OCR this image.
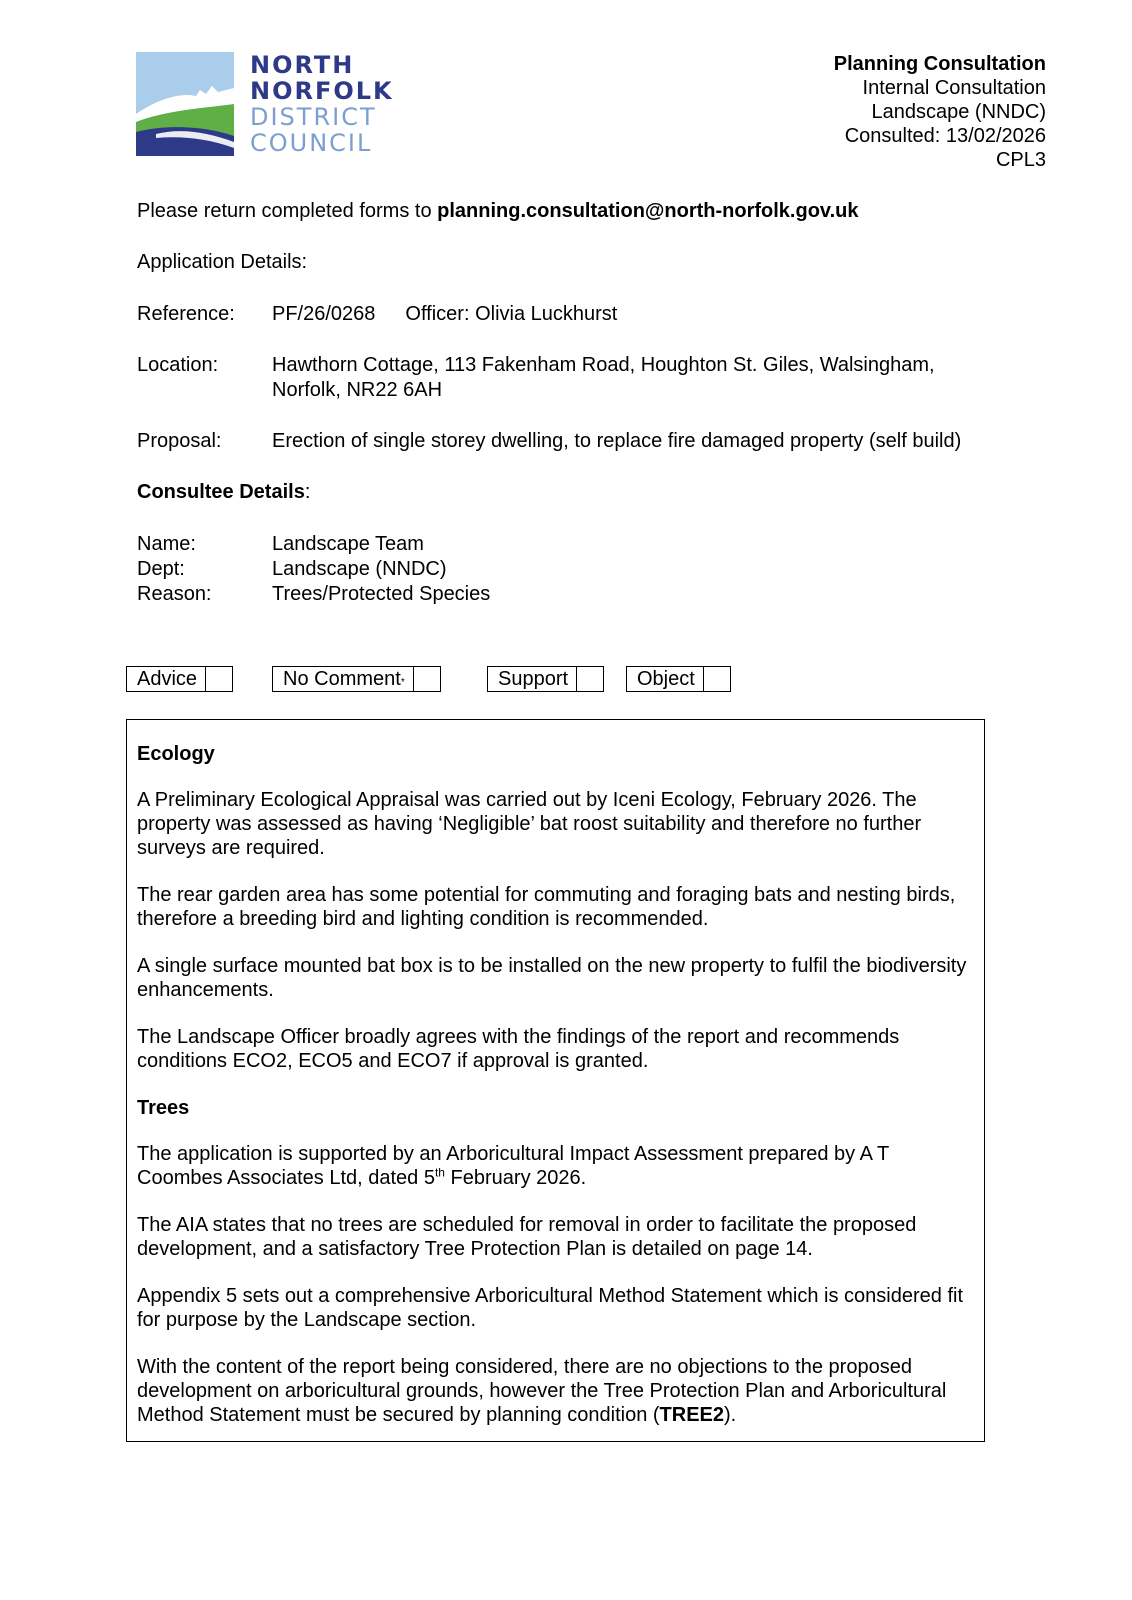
NORTH
NORFOLK
DISTRICT
COUNCIL
Planning Consultation
Internal Consultation
Landscape (NNDC)
Consulted: 13/02/2026
CPL3
Please return completed forms to planning.consultation@north-norfolk.gov.uk
Application Details:
Reference: PF/26/0268 Officer: Olivia Luckhurst
Location:	Hawthorn Cottage, 113 Fakenham Road, Houghton St. Giles, Walsingham,
Norfolk, NR22 6AH
Proposal:	Erection of single storey dwelling, to replace fire damaged property (self build)
Consultee Details:
Name:	Landscape Team
Dept:	Landscape (NNDC)
Reason:	Trees/Protected Species
Advice	No Comment*	Support	Object
Ecology

A Preliminary Ecological Appraisal was carried out by Iceni Ecology, February 2026. The property was assessed as having ‘Negligible’ bat roost suitability and therefore no further surveys are required.

The rear garden area has some potential for commuting and foraging bats and nesting birds, therefore a breeding bird and lighting condition is recommended.

A single surface mounted bat box is to be installed on the new property to fulfil the biodiversity enhancements.

The Landscape Officer broadly agrees with the findings of the report and recommends conditions ECO2, ECO5 and ECO7 if approval is granted.

Trees

The application is supported by an Arboricultural Impact Assessment prepared by A T Coombes Associates Ltd, dated 5th February 2026.

The AIA states that no trees are scheduled for removal in order to facilitate the proposed development, and a satisfactory Tree Protection Plan is detailed on page 14.

Appendix 5 sets out a comprehensive Arboricultural Method Statement which is considered fit for purpose by the Landscape section.

With the content of the report being considered, there are no objections to the proposed development on arboricultural grounds, however the Tree Protection Plan and Arboricultural Method Statement must be secured by planning condition (TREE2).
